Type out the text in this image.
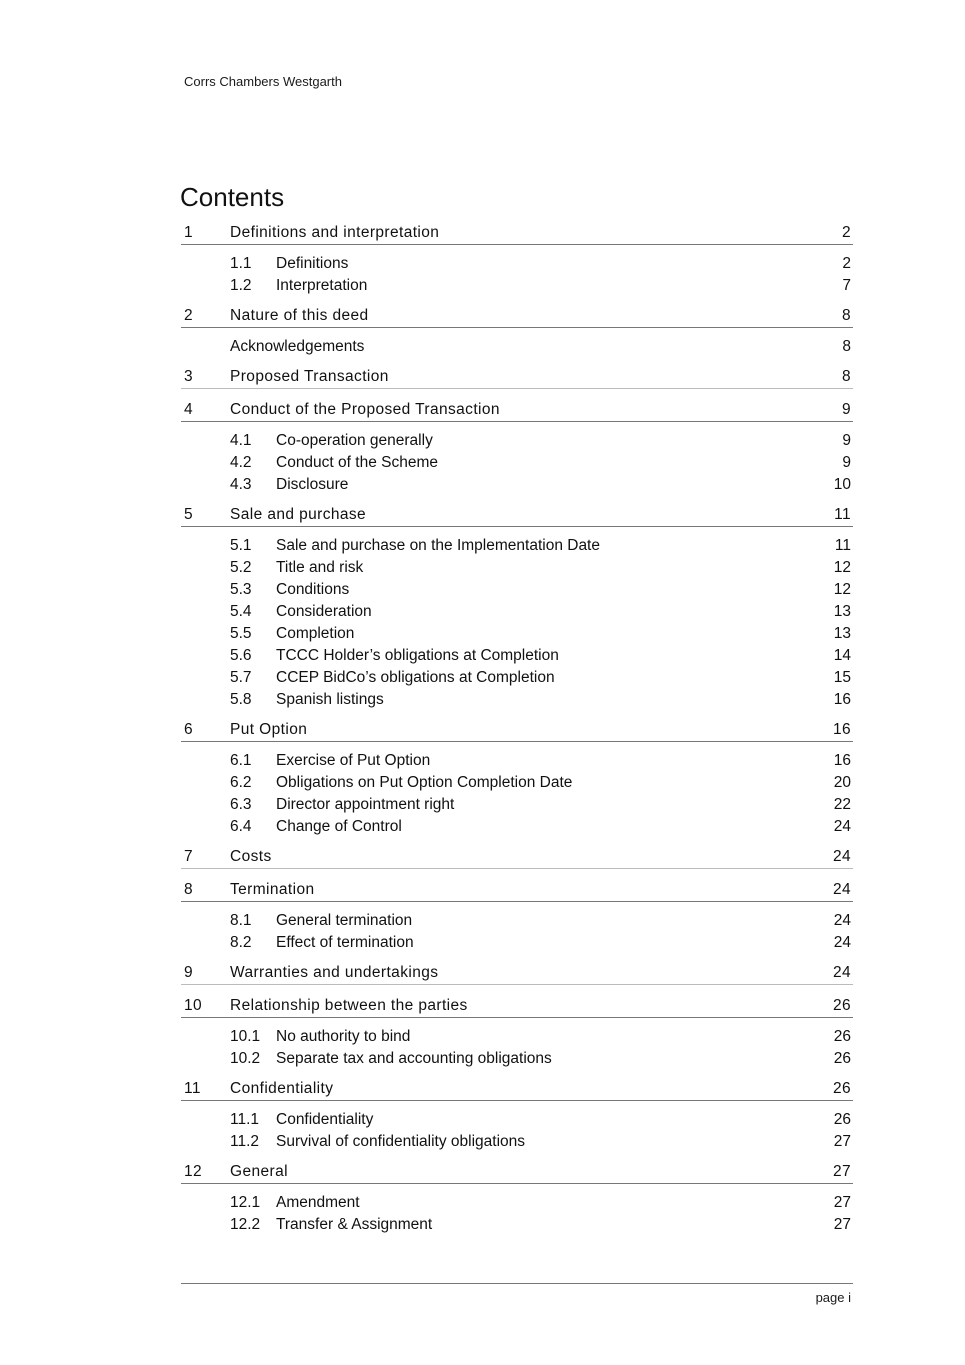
Corrs Chambers Westgarth
Contents
1 Definitions and interpretation	2
1.1 Definitions	2
1.2 Interpretation	7
2 Nature of this deed	8
Acknowledgements	8
3 Proposed Transaction	8
4 Conduct of the Proposed Transaction	9
4.1 Co-operation generally	9
4.2 Conduct of the Scheme	9
4.3 Disclosure	10
5 Sale and purchase	11
5.1 Sale and purchase on the Implementation Date	11
5.2 Title and risk	12
5.3 Conditions	12
5.4 Consideration	13
5.5 Completion	13
5.6 TCCC Holder’s obligations at Completion	14
5.7 CCEP BidCo’s obligations at Completion	15
5.8 Spanish listings	16
6 Put Option	16
6.1 Exercise of Put Option	16
6.2 Obligations on Put Option Completion Date	20
6.3 Director appointment right	22
6.4 Change of Control	24
7 Costs	24
8 Termination	24
8.1 General termination	24
8.2 Effect of termination	24
9 Warranties and undertakings	24
10 Relationship between the parties	26
10.1 No authority to bind	26
10.2 Separate tax and accounting obligations	26
11 Confidentiality	26
11.1 Confidentiality	26
11.2 Survival of confidentiality obligations	27
12 General	27
12.1 Amendment	27
12.2 Transfer & Assignment	27
page i
